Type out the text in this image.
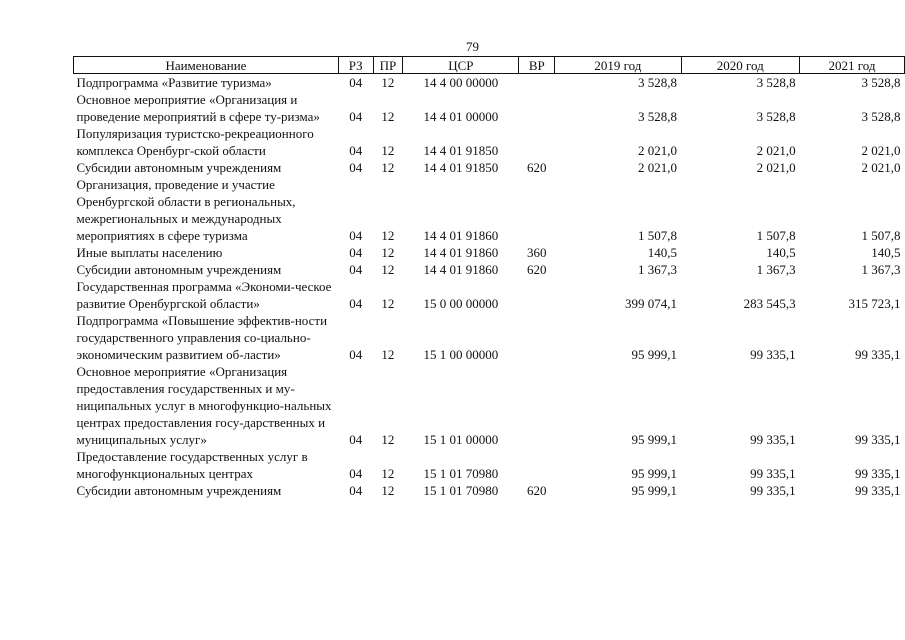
79
Наименование	РЗ	ПР	ЦСР	ВР	2019 год	2020 год	2021 год
Подпрограмма «Развитие туризма»	04	12	14 4 00 00000		3 528,8	3 528,8	3 528,8
Основное мероприятие «Организация и проведение мероприятий в сфере ту-ризма»	04	12	14 4 01 00000		3 528,8	3 528,8	3 528,8
Популяризация туристско-рекреационного комплекса Оренбург-ской области	04	12	14 4 01 91850		2 021,0	2 021,0	2 021,0
Субсидии автономным учреждениям	04	12	14 4 01 91850	620	2 021,0	2 021,0	2 021,0
Организация, проведение и участие Оренбургской области в региональных, межрегиональных и международных мероприятиях в сфере туризма	04	12	14 4 01 91860		1 507,8	1 507,8	1 507,8
Иные выплаты населению	04	12	14 4 01 91860	360	140,5	140,5	140,5
Субсидии автономным учреждениям	04	12	14 4 01 91860	620	1 367,3	1 367,3	1 367,3
Государственная программа «Экономи-ческое развитие Оренбургской области»	04	12	15 0 00 00000		399 074,1	283 545,3	315 723,1
Подпрограмма «Повышение эффектив-ности государственного управления со-циально-экономическим развитием об-ласти»	04	12	15 1 00 00000		95 999,1	99 335,1	99 335,1
Основное мероприятие «Организация предоставления государственных и му-ниципальных услуг в многофункцио-нальных центрах предоставления госу-дарственных и муниципальных услуг»	04	12	15 1 01 00000		95 999,1	99 335,1	99 335,1
Предоставление государственных услуг в многофункциональных центрах	04	12	15 1 01 70980		95 999,1	99 335,1	99 335,1
Субсидии автономным учреждениям	04	12	15 1 01 70980	620	95 999,1	99 335,1	99 335,1
